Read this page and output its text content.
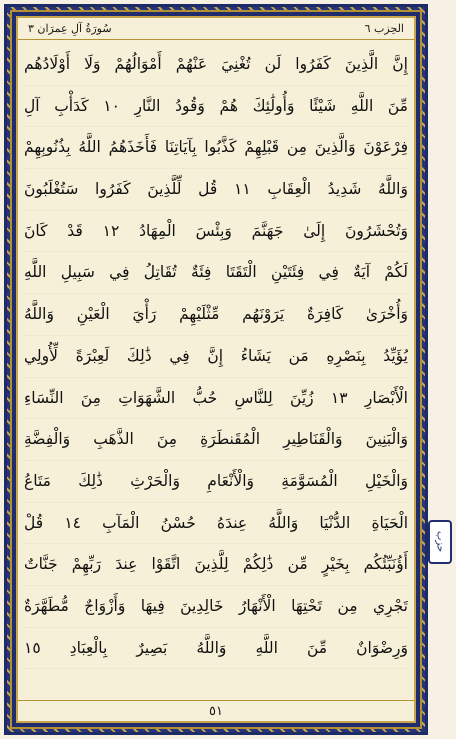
سُورَةُ آلِ عِمرَان ٣	الحِزب ٦
إِنَّ الَّذِينَ كَفَرُوا لَن تُغْنِيَ عَنْهُمْ أَمْوَالُهُمْ وَلَا أَوْلَادُهُم
مِّنَ اللَّهِ شَيْئًا وَأُولَٰئِكَ هُمْ وَقُودُ النَّارِ ١٠ كَدَأْبِ آلِ
فِرْعَوْنَ وَالَّذِينَ مِن قَبْلِهِمْ كَذَّبُوا بِآيَاتِنَا فَأَخَذَهُمُ اللَّهُ بِذُنُوبِهِمْ
وَاللَّهُ شَدِيدُ الْعِقَابِ ١١ قُل لِّلَّذِينَ كَفَرُوا سَتُغْلَبُونَ
وَتُحْشَرُونَ إِلَىٰ جَهَنَّمَ وَبِئْسَ الْمِهَادُ ١٢ قَدْ كَانَ
لَكُمْ آيَةٌ فِي فِئَتَيْنِ الْتَقَتَا فِئَةٌ تُقَاتِلُ فِي سَبِيلِ اللَّهِ
وَأُخْرَىٰ كَافِرَةٌ يَرَوْنَهُم مِّثْلَيْهِمْ رَأْيَ الْعَيْنِ وَاللَّهُ
يُؤَيِّدُ بِنَصْرِهِ مَن يَشَاءُ إِنَّ فِي ذَٰلِكَ لَعِبْرَةً لِّأُولِي
الْأَبْصَارِ ١٣ زُيِّنَ لِلنَّاسِ حُبُّ الشَّهَوَاتِ مِنَ النِّسَاءِ
وَالْبَنِينَ وَالْقَنَاطِيرِ الْمُقَنطَرَةِ مِنَ الذَّهَبِ وَالْفِضَّةِ
وَالْخَيْلِ الْمُسَوَّمَةِ وَالْأَنْعَامِ وَالْحَرْثِ ذَٰلِكَ مَتَاعُ
الْحَيَاةِ الدُّنْيَا وَاللَّهُ عِندَهُ حُسْنُ الْمَآبِ ١٤ قُلْ
أَؤُنَبِّئُكُم بِخَيْرٍ مِّن ذَٰلِكُمْ لِلَّذِينَ اتَّقَوْا عِندَ رَبِّهِمْ جَنَّاتٌ
تَجْرِي مِن تَحْتِهَا الْأَنْهَارُ خَالِدِينَ فِيهَا وَأَزْوَاجٌ مُّطَهَّرَةٌ
وَرِضْوَانٌ مِّنَ اللَّهِ وَاللَّهُ بَصِيرٌ بِالْعِبَادِ ١٥
٥١
حزب
